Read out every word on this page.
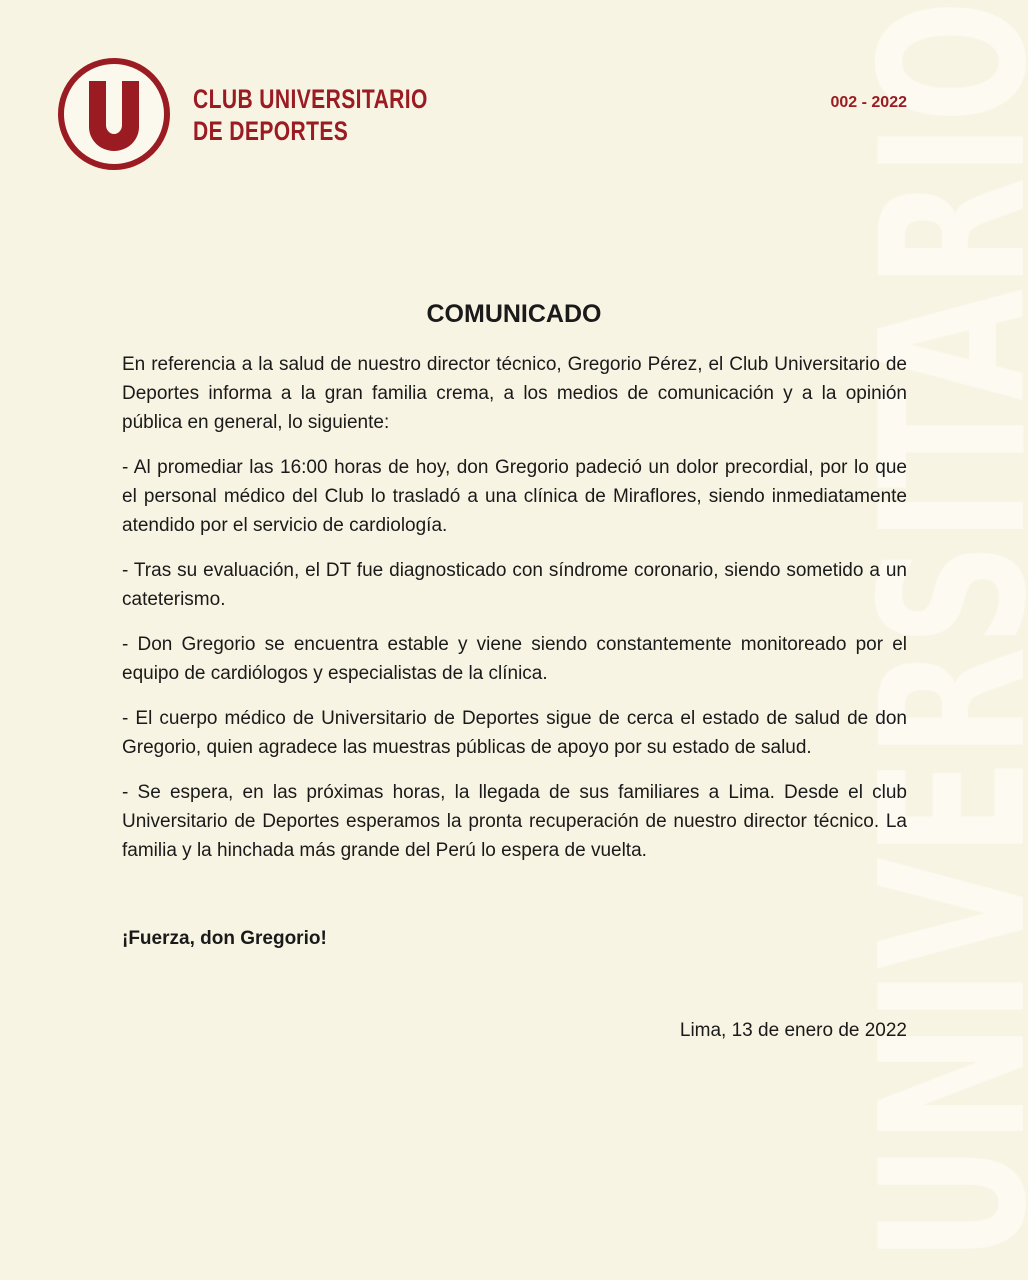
CLUB UNIVERSITARIO
DE DEPORTES
002 - 2022
COMUNICADO

En referencia a la salud de nuestro director técnico, Gregorio Pérez, el Club Universitario de Deportes informa a la gran familia crema, a los medios de comunicación y a la opinión pública en general, lo siguiente:

- Al promediar las 16:00 horas de hoy, don Gregorio padeció un dolor precordial, por lo que el personal médico del Club lo trasladó a una clínica de Miraflores, siendo inmediatamente atendido por el servicio de cardiología.

- Tras su evaluación, el DT fue diagnosticado con síndrome coronario, siendo sometido a un cateterismo.

- Don Gregorio se encuentra estable y viene siendo constantemente monitoreado por el equipo de cardiólogos y especialistas de la clínica.

- El cuerpo médico de Universitario de Deportes sigue de cerca el estado de salud de don Gregorio, quien agradece las muestras públicas de apoyo por su estado de salud.

- Se espera, en las próximas horas, la llegada de sus familiares a Lima. Desde el club Universitario de Deportes esperamos la pronta recuperación de nuestro director técnico. La familia y la hinchada más grande del Perú lo espera de vuelta.

¡Fuerza, don Gregorio!
Lima, 13 de enero de 2022
